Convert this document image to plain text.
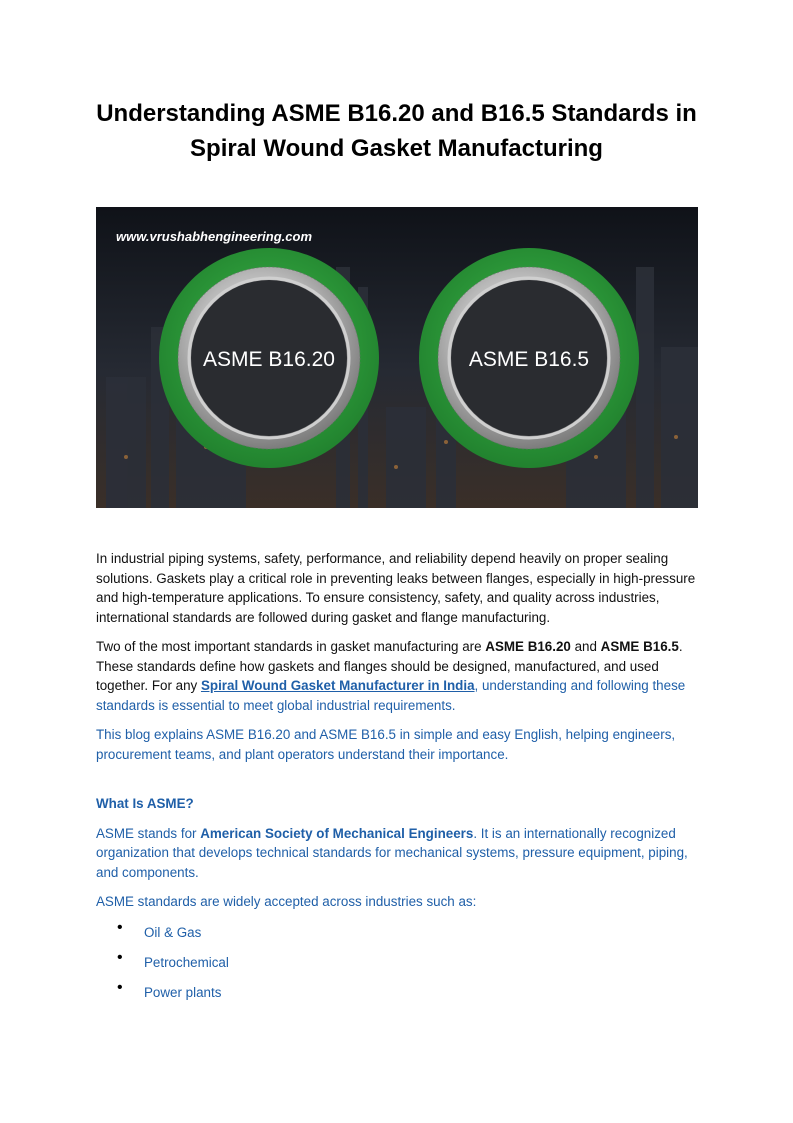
Understanding ASME B16.20 and B16.5 Standards in Spiral Wound Gasket Manufacturing
www.vrushabhengineering.com
ASME B16.20	ASME B16.5

In industrial piping systems, safety, performance, and reliability depend heavily on proper sealing solutions. Gaskets play a critical role in preventing leaks between flanges, especially in high-pressure and high-temperature applications. To ensure consistency, safety, and quality across industries, international standards are followed during gasket and flange manufacturing.

Two of the most important standards in gasket manufacturing are ASME B16.20 and ASME B16.5. These standards define how gaskets and flanges should be designed, manufactured, and used together. For any Spiral Wound Gasket Manufacturer in India, understanding and following these standards is essential to meet global industrial requirements.

This blog explains ASME B16.20 and ASME B16.5 in simple and easy English, helping engineers, procurement teams, and plant operators understand their importance.

What Is ASME?

ASME stands for American Society of Mechanical Engineers. It is an internationally recognized organization that develops technical standards for mechanical systems, pressure equipment, piping, and components.

ASME standards are widely accepted across industries such as:

• Oil & Gas
• Petrochemical
• Power plants
